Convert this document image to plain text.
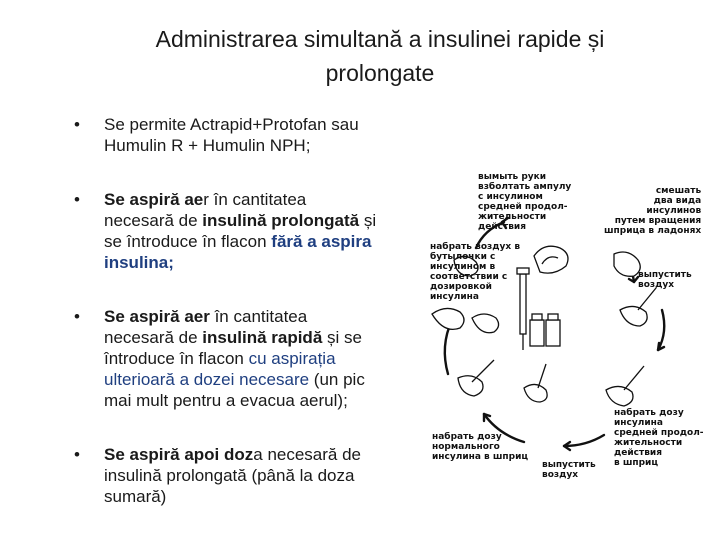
Administrarea simultană a insulinei rapide și
prolongate
• Se permite Actrapid+Protofan sau
Humulin R + Humulin NPH;
• Se aspiră aer în cantitatea
necesară de insulină prolongată și
se întroduce în flacon fără a aspira
insulina;
• Se aspiră aer în cantitatea
necesară de insulină rapidă și se
întroduce în flacon cu aspirația
ulterioară a dozei necesare (un pic
mai mult pentru a evacua aerul);
• Se aspiră apoi doza necesară de
insulină prolongată (până la doza
sumară)
вымыть руки
взболтать ампулу
с инсулином
средней продол-
жительности
действия
смешать
два вида
инсулинов
путем вращения
шприца в ладонях
набрать воздух в
бутылочки с
инсулином в
соответствии с
дозировкой
инсулина
выпустить
воздух
набрать дозу
инсулина
средней продол-
жительности
действия
в шприц
набрать дозу
нормального
инсулина в шприц
выпустить
воздух
